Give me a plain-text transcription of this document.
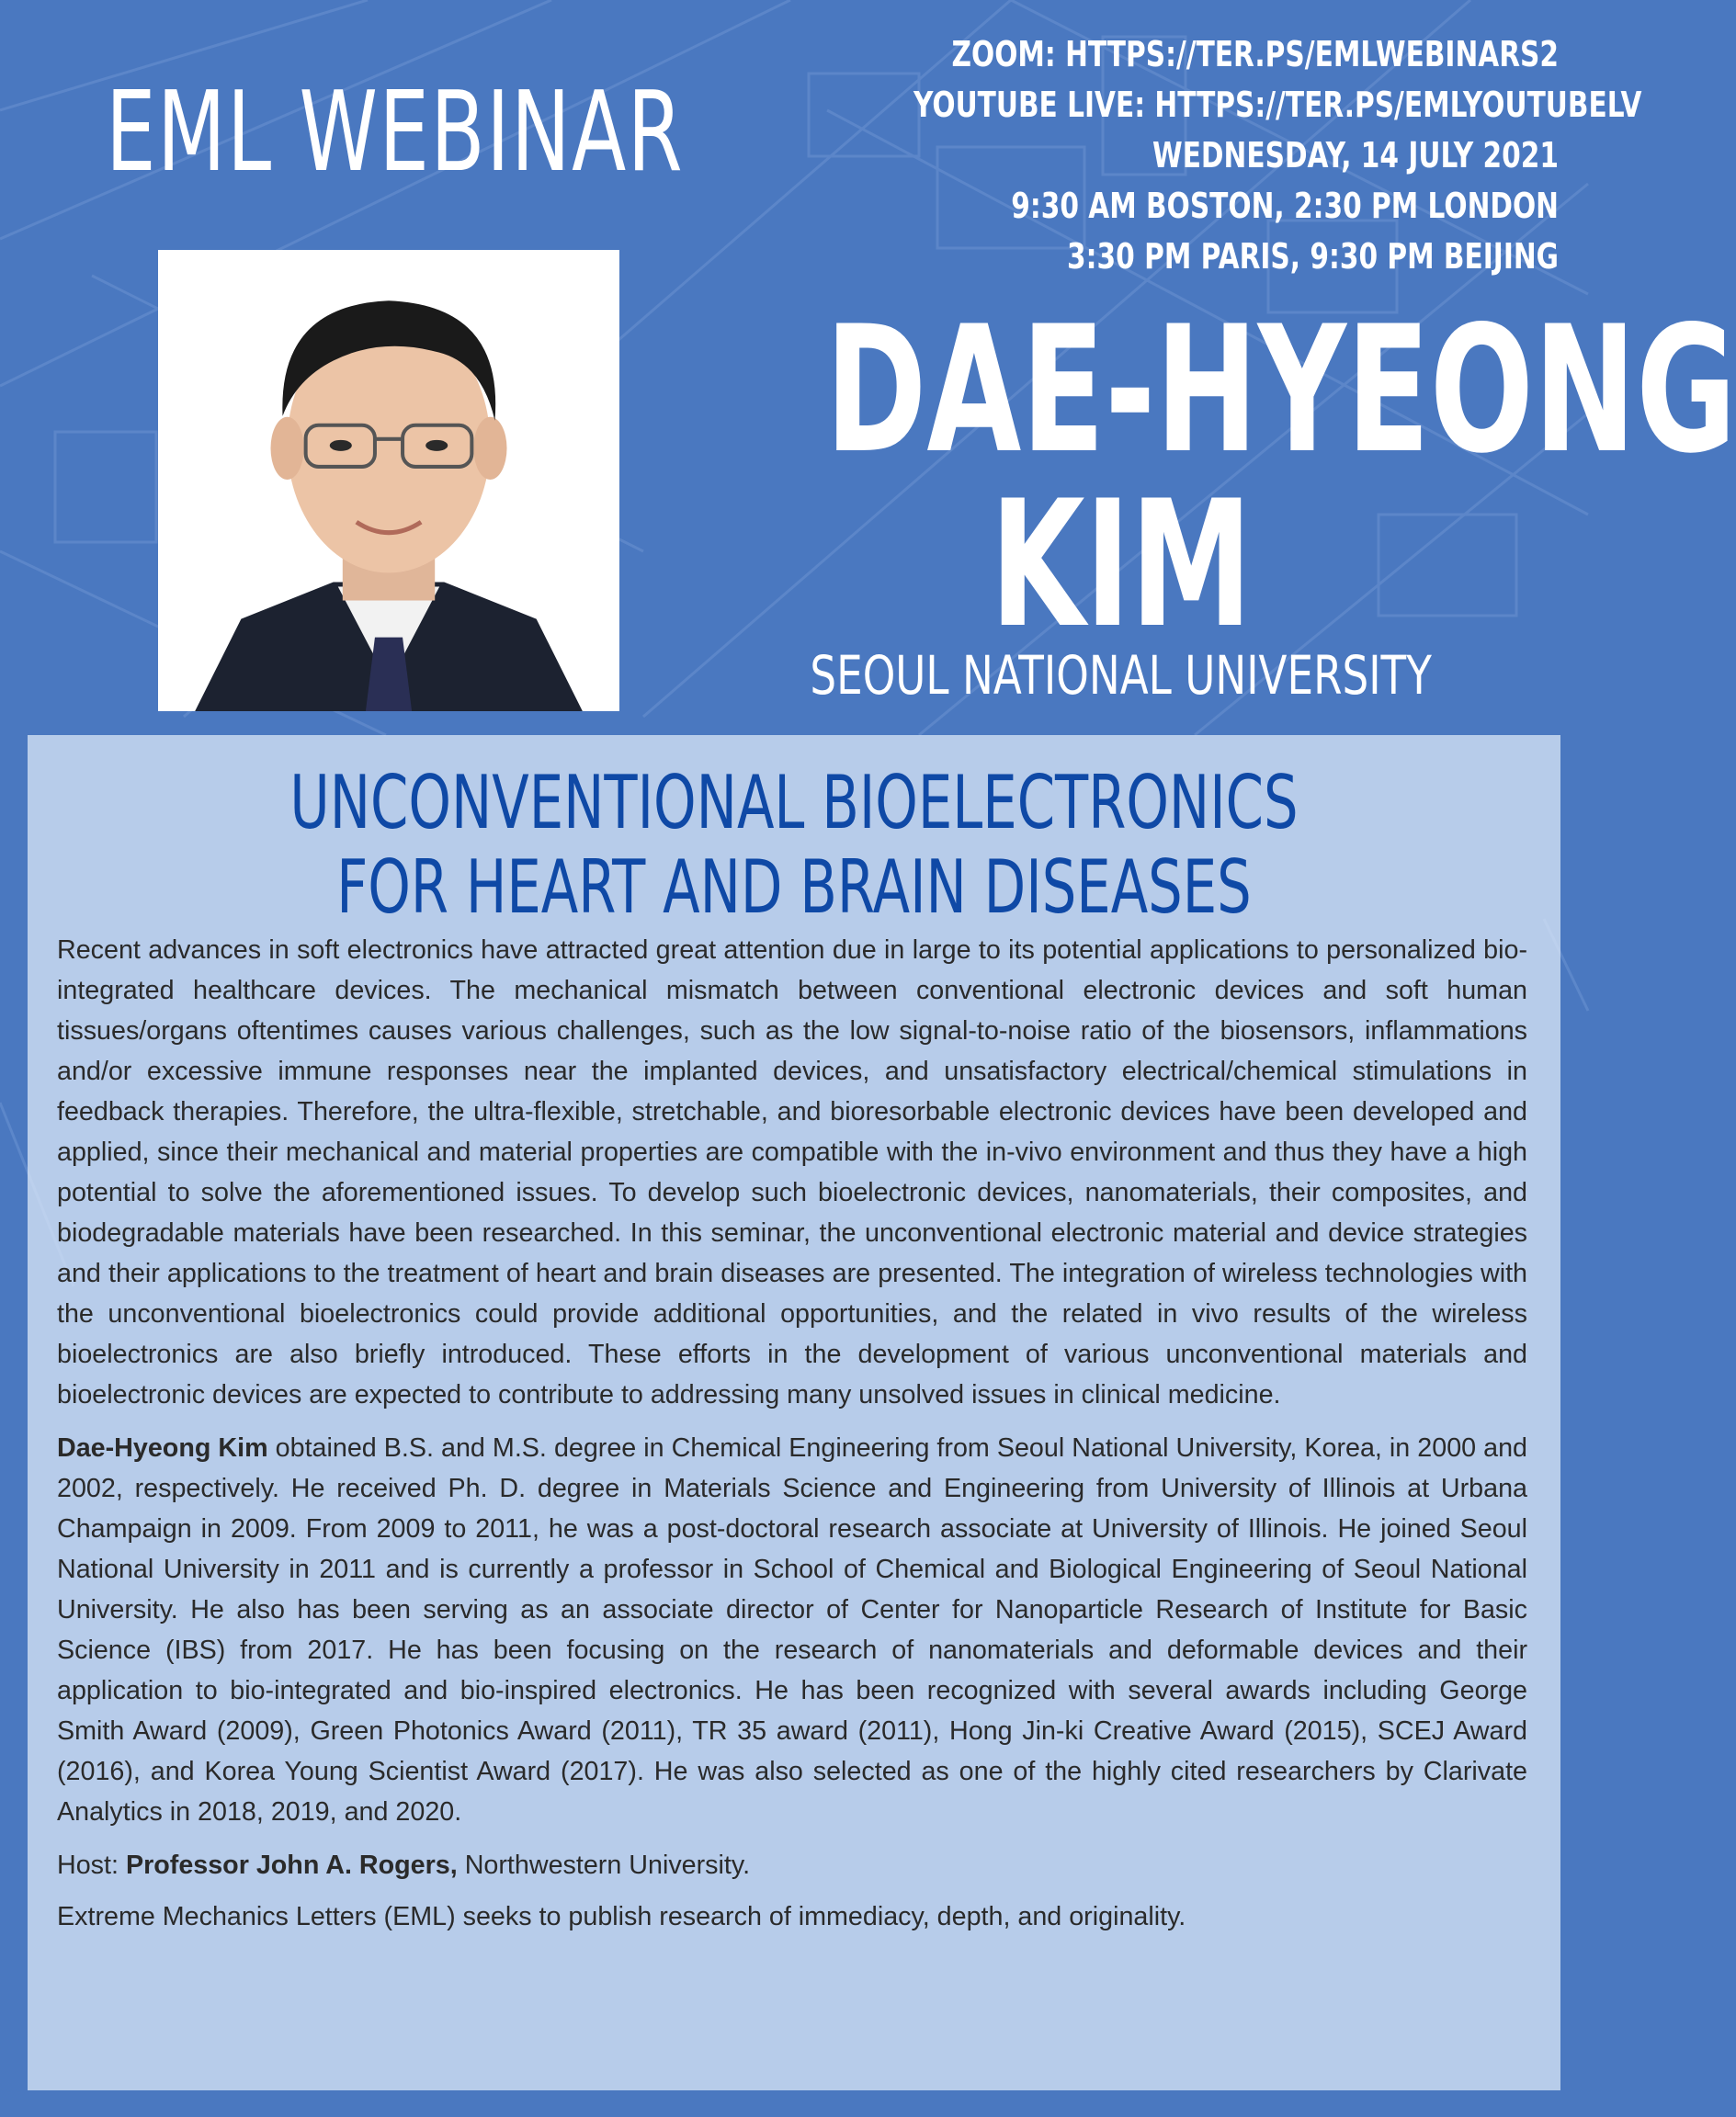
EML WEBINAR
ZOOM: HTTPS://TER.PS/EMLWEBINARS2
YOUTUBE LIVE: HTTPS://TER.PS/EMLYOUTUBELV
WEDNESDAY, 14 JULY 2021
9:30 AM BOSTON, 2:30 PM LONDON
3:30 PM PARIS, 9:30 PM BEIJING
DAE-HYEONG
KIM
SEOUL NATIONAL UNIVERSITY
UNCONVENTIONAL BIOELECTRONICS
FOR HEART AND BRAIN DISEASES

Recent advances in soft electronics have attracted great attention due in large to its potential applications to personalized bio-integrated healthcare devices. The mechanical mismatch between conventional electronic devices and soft human tissues/organs oftentimes causes various challenges, such as the low signal-to-noise ratio of the biosensors, inflammations and/or excessive immune responses near the implanted devices, and unsatisfactory electrical/chemical stimulations in feedback therapies. Therefore, the ultra-flexible, stretchable, and bioresorbable electronic devices have been developed and applied, since their mechanical and material properties are compatible with the in-vivo environment and thus they have a high potential to solve the aforementioned issues. To develop such bioelectronic devices, nanomaterials, their composites, and biodegradable materials have been researched. In this seminar, the unconventional electronic material and device strategies and their applications to the treatment of heart and brain diseases are presented. The integration of wireless technologies with the unconventional bioelectronics could provide additional opportunities, and the related in vivo results of the wireless bioelectronics are also briefly introduced. These efforts in the development of various unconventional materials and bioelectronic devices are expected to contribute to addressing many unsolved issues in clinical medicine.

Dae-Hyeong Kim obtained B.S. and M.S. degree in Chemical Engineering from Seoul National University, Korea, in 2000 and 2002, respectively. He received Ph. D. degree in Materials Science and Engineering from University of Illinois at Urbana Champaign in 2009. From 2009 to 2011, he was a post-doctoral research associate at University of Illinois. He joined Seoul National University in 2011 and is currently a professor in School of Chemical and Biological Engineering of Seoul National University. He also has been serving as an associate director of Center for Nanoparticle Research of Institute for Basic Science (IBS) from 2017. He has been focusing on the research of nanomaterials and deformable devices and their application to bio-integrated and bio-inspired electronics. He has been recognized with several awards including George Smith Award (2009), Green Photonics Award (2011), TR 35 award (2011), Hong Jin-ki Creative Award (2015), SCEJ Award (2016), and Korea Young Scientist Award (2017). He was also selected as one of the highly cited researchers by Clarivate Analytics in 2018, 2019, and 2020.

Host: Professor John A. Rogers, Northwestern University.

Extreme Mechanics Letters (EML) seeks to publish research of immediacy, depth, and originality.
